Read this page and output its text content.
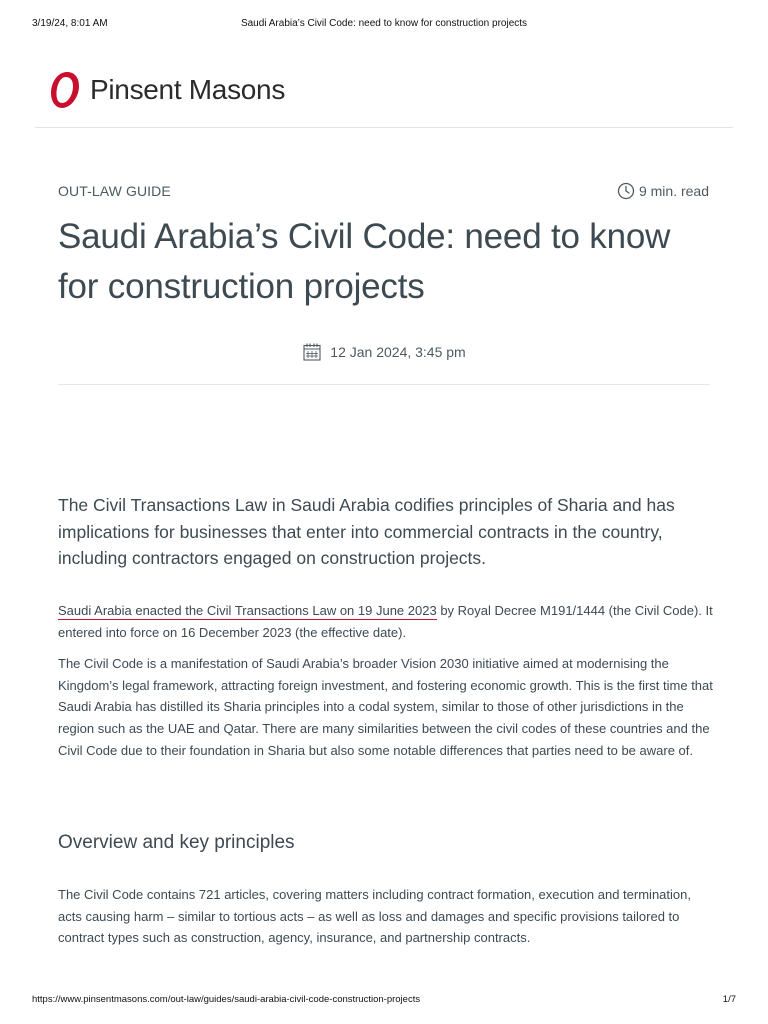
3/19/24, 8:01 AM	Saudi Arabia’s Civil Code: need to know for construction projects
Pinsent Masons
OUT-LAW GUIDE	9 min. read
Saudi Arabia’s Civil Code: need to know for construction projects
12 Jan 2024, 3:45 pm

The Civil Transactions Law in Saudi Arabia codifies principles of Sharia and has implications for businesses that enter into commercial contracts in the country, including contractors engaged on construction projects.

Saudi Arabia enacted the Civil Transactions Law on 19 June 2023 by Royal Decree M191/1444 (the Civil Code). It entered into force on 16 December 2023 (the effective date).

The Civil Code is a manifestation of Saudi Arabia’s broader Vision 2030 initiative aimed at modernising the Kingdom’s legal framework, attracting foreign investment, and fostering economic growth. This is the first time that Saudi Arabia has distilled its Sharia principles into a codal system, similar to those of other jurisdictions in the region such as the UAE and Qatar. There are many similarities between the civil codes of these countries and the Civil Code due to their foundation in Sharia but also some notable differences that parties need to be aware of.

Overview and key principles

The Civil Code contains 721 articles, covering matters including contract formation, execution and termination, acts causing harm – similar to tortious acts – as well as loss and damages and specific provisions tailored to contract types such as construction, agency, insurance, and partnership contracts.

https://www.pinsentmasons.com/out-law/guides/saudi-arabia-civil-code-construction-projects	1/7
